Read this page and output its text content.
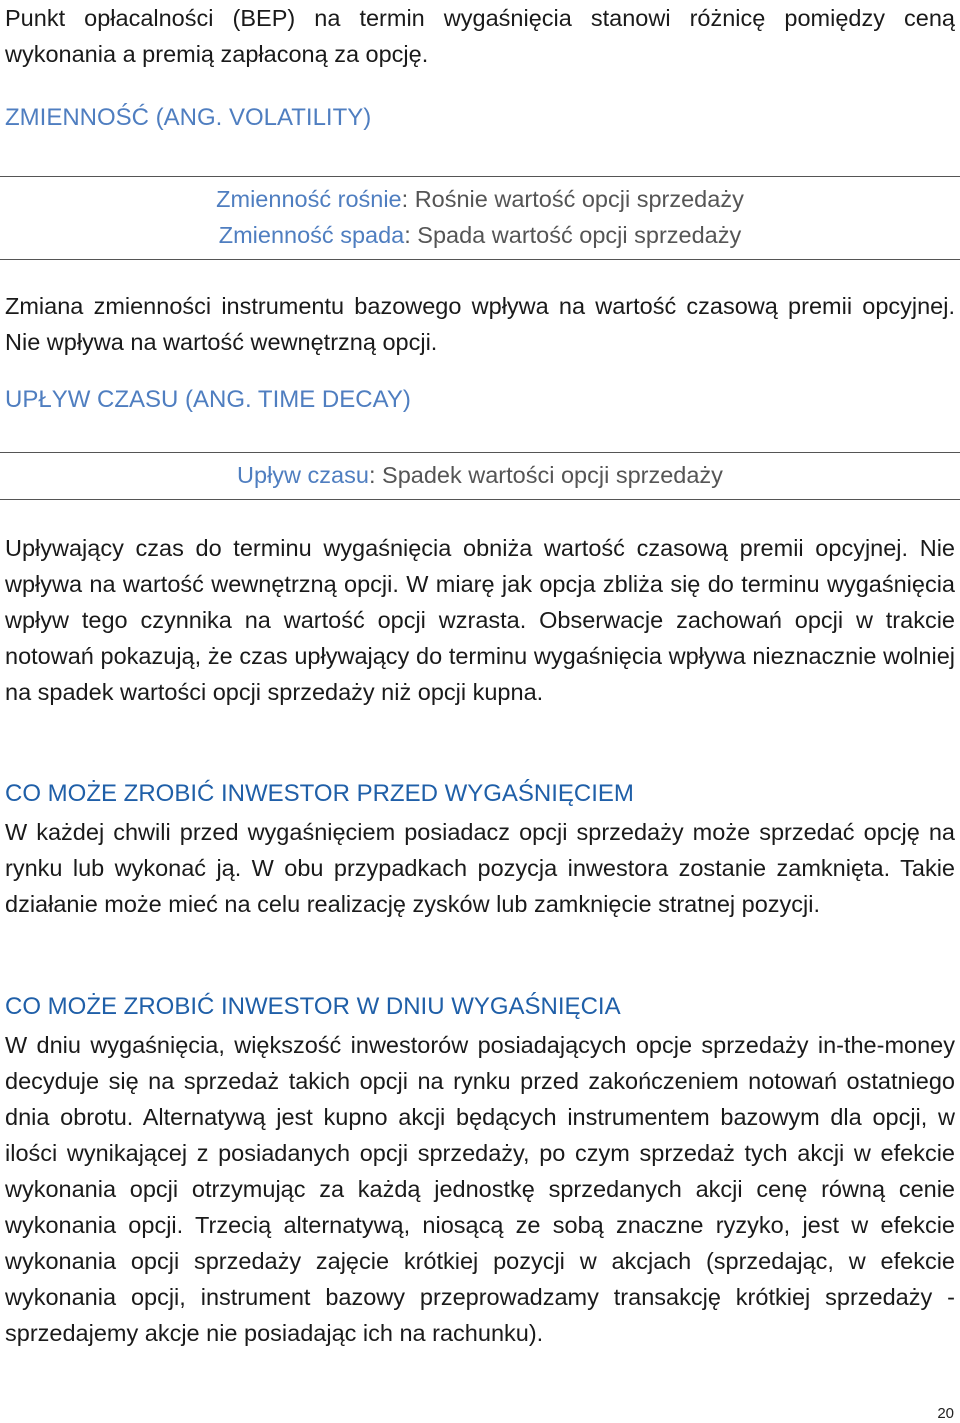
Punkt opłacalności (BEP) na termin wygaśnięcia stanowi różnicę pomiędzy ceną wykonania a premią zapłaconą za opcję.

ZMIENNOŚĆ (ANG. VOLATILITY)
Zmienność rośnie: Rośnie wartość opcji sprzedaży
Zmienność spada: Spada wartość opcji sprzedaży

Zmiana zmienności instrumentu bazowego wpływa na wartość czasową premii opcyjnej. Nie wpływa na wartość wewnętrzną opcji.

UPŁYW CZASU (ANG. TIME DECAY)
Upływ czasu: Spadek wartości opcji sprzedaży

Upływający czas do terminu wygaśnięcia obniża wartość czasową premii opcyjnej. Nie wpływa na wartość wewnętrzną opcji. W miarę jak opcja zbliża się do terminu wygaśnięcia wpływ tego czynnika na wartość opcji wzrasta. Obserwacje zachowań opcji w trakcie notowań pokazują, że czas upływający do terminu wygaśnięcia wpływa nieznacznie wolniej na spadek wartości opcji sprzedaży niż opcji kupna.

CO MOŻE ZROBIĆ INWESTOR PRZED WYGAŚNIĘCIEM

W każdej chwili przed wygaśnięciem posiadacz opcji sprzedaży może sprzedać opcję na rynku lub wykonać ją. W obu przypadkach pozycja inwestora zostanie zamknięta. Takie działanie może mieć na celu realizację zysków lub zamknięcie stratnej pozycji.

CO MOŻE ZROBIĆ INWESTOR W DNIU WYGAŚNIĘCIA

W dniu wygaśnięcia, większość inwestorów posiadających opcje sprzedaży in-the-money decyduje się na sprzedaż takich opcji na rynku przed zakończeniem notowań ostatniego dnia obrotu. Alternatywą jest kupno akcji będących instrumentem bazowym dla opcji, w ilości wynikającej z posiadanych opcji sprzedaży, po czym sprzedaż tych akcji w efekcie wykonania opcji otrzymując za każdą jednostkę sprzedanych akcji cenę równą cenie wykonania opcji. Trzecią alternatywą, niosącą ze sobą znaczne ryzyko, jest w efekcie wykonania opcji sprzedaży zajęcie krótkiej pozycji w akcjach (sprzedając, w efekcie wykonania opcji, instrument bazowy przeprowadzamy transakcję krótkiej sprzedaży - sprzedajemy akcje nie posiadając ich na rachunku).

20
